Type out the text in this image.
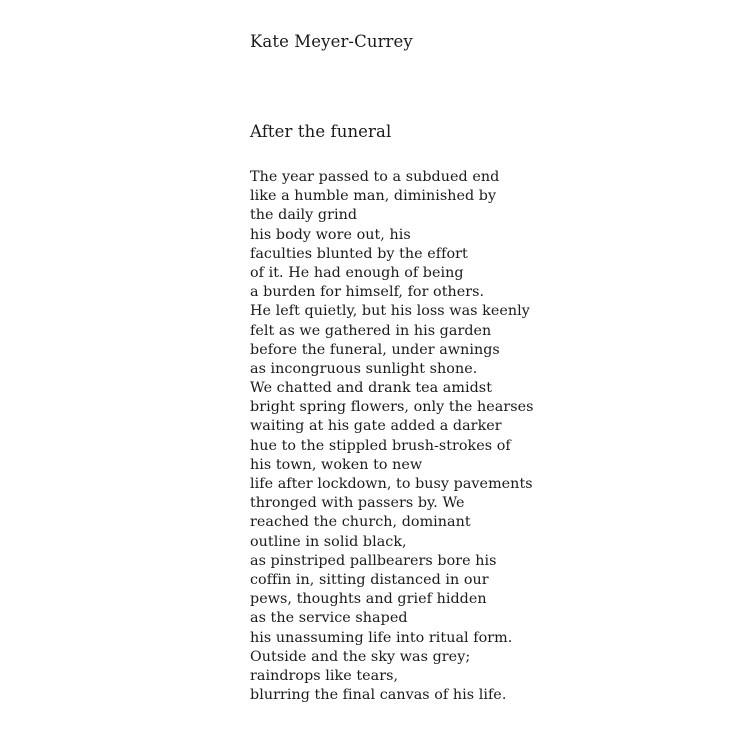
Kate Meyer-Currey
After the funeral
The year passed to a subdued end
like a humble man, diminished by
the daily grind
his body wore out, his
faculties blunted by the effort
of it. He had enough of being
a burden for himself, for others.
He left quietly, but his loss was keenly
felt as we gathered in his garden
before the funeral, under awnings
as incongruous sunlight shone.
We chatted and drank tea amidst
bright spring flowers, only the hearses
waiting at his gate added a darker
hue to the stippled brush-strokes of
his town, woken to new
life after lockdown, to busy pavements
thronged with passers by. We
reached the church, dominant
outline in solid black,
as pinstriped pallbearers bore his
coffin in, sitting distanced in our
pews, thoughts and grief hidden
as the service shaped
his unassuming life into ritual form.
Outside and the sky was grey;
raindrops like tears,
blurring the final canvas of his life.
